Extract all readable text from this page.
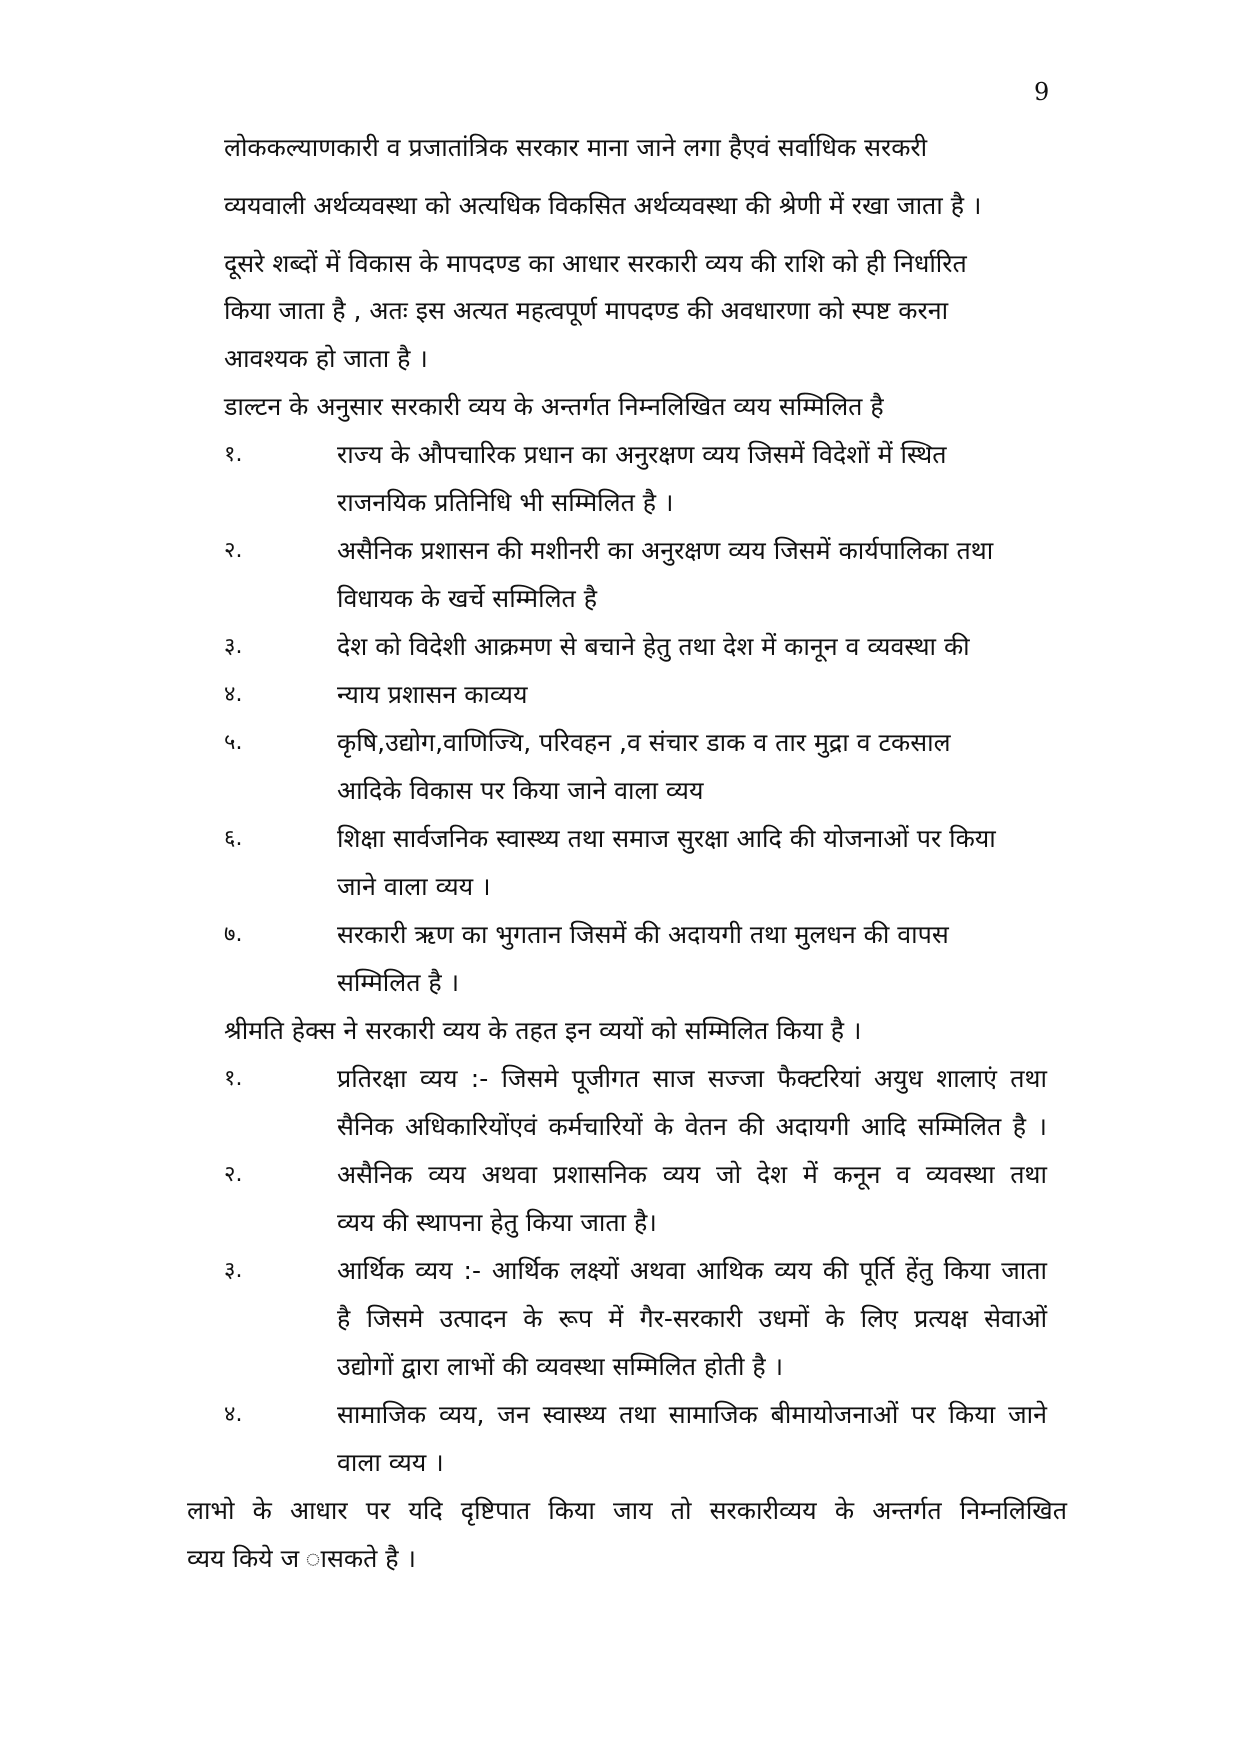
9
लोककल्याणकारी व प्रजातांत्रिक सरकार माना जाने लगा हैएवं सर्वाधिक सरकरी
व्ययवाली अर्थव्यवस्था को अत्यधिक विकसित अर्थव्यवस्था की श्रेणी में रखा जाता है ।
दूसरे शब्दों में विकास के मापदण्ड का आधार सरकारी व्यय की राशि को ही निर्धारित
किया जाता है , अतः इस अत्यत महत्वपूर्ण मापदण्ड की अवधारणा को स्पष्ट करना
आवश्यक हो जाता है ।
डाल्टन के अनुसार सरकारी व्यय के अन्तर्गत निम्नलिखित व्यय सम्मिलित है
१.	राज्य के औपचारिक प्रधान का अनुरक्षण व्यय जिसमें विदेशों में स्थित
राजनयिक प्रतिनिधि भी सम्मिलित है ।
२.	असैनिक प्रशासन की मशीनरी का अनुरक्षण व्यय जिसमें कार्यपालिका तथा
विधायक के खर्चे सम्मिलित है
३.	देश को विदेशी आक्रमण से बचाने हेतु तथा देश में कानून व व्यवस्था की
४.	न्याय प्रशासन काव्यय
५.	कृषि,उद्योग,वाणिज्यि, परिवहन ,व संचार डाक व तार मुद्रा व टकसाल
आदिके विकास पर किया जाने वाला व्यय
६.	शिक्षा सार्वजनिक स्वास्थ्य तथा समाज सुरक्षा आदि की योजनाओं पर किया
जाने वाला व्यय ।
७.	सरकारी ऋण का भुगतान जिसमें की अदायगी तथा मुलधन की वापस
सम्मिलित है ।
श्रीमति हेक्स ने सरकारी व्यय के तहत इन व्ययों को सम्मिलित किया है ।
१.	प्रतिरक्षा व्यय :- जिसमे पूजीगत साज सज्जा फैक्टरियां अयुध शालाएं तथा
सैनिक अधिकारियोंएवं कर्मचारियों के वेतन की अदायगी आदि सम्मिलित है ।
२.	असैनिक व्यय अथवा प्रशासनिक व्यय जो देश में कनून व व्यवस्था तथा
व्यय की स्थापना हेतु किया जाता है।
३.	आर्थिक व्यय :- आर्थिक लक्ष्यों अथवा आथिक व्यय की पूर्ति हेंतु किया जाता
है जिसमे उत्पादन के रूप में गैर-सरकारी उधमों के लिए प्रत्यक्ष सेवाओं
उद्योगों द्वारा लाभों की व्यवस्था सम्मिलित होती है ।
४.	सामाजिक व्यय, जन स्वास्थ्य तथा सामाजिक बीमायोजनाओं पर किया जाने
वाला व्यय ।
लाभो के आधार पर यदि दृष्टिपात किया जाय तो सरकारीव्यय के अन्तर्गत निम्नलिखित
व्यय किये ज ासकते है ।
